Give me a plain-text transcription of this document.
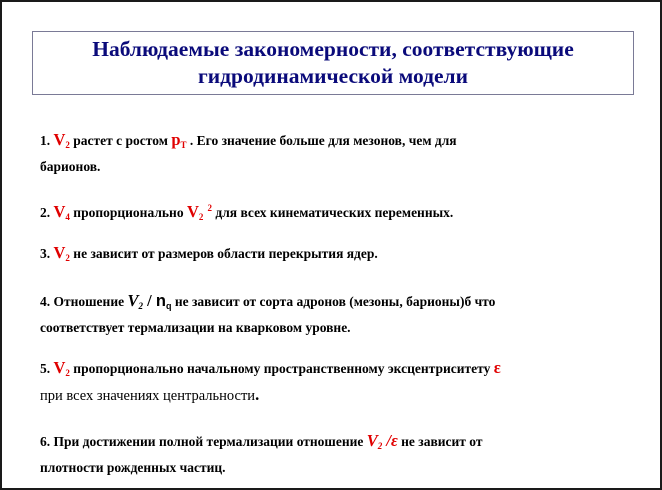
Наблюдаемые закономерности, соответствующие
гидродинамической модели
1. $V_2$ растет с ростом $p_T$ . Его значение больше для мезонов, чем для
барионов.
2. $V_4$ пропорционально $V_2$ $^2$ для всех кинематических переменных.
3. $V_2$ не зависит от размеров области перекрытия ядер.
4. Отношение $V_2 / n_q$ не зависит от сорта адронов (мезоны, барионы)б что
соответствует термализации на кварковом уровне.
5. $V_2$ пропорционально начальному пространственному эксцентриситету ε
при всех значениях центральности.
6. При достижении полной термализации отношение $V_2$ /ε не зависит от
плотности рожденных частиц.
